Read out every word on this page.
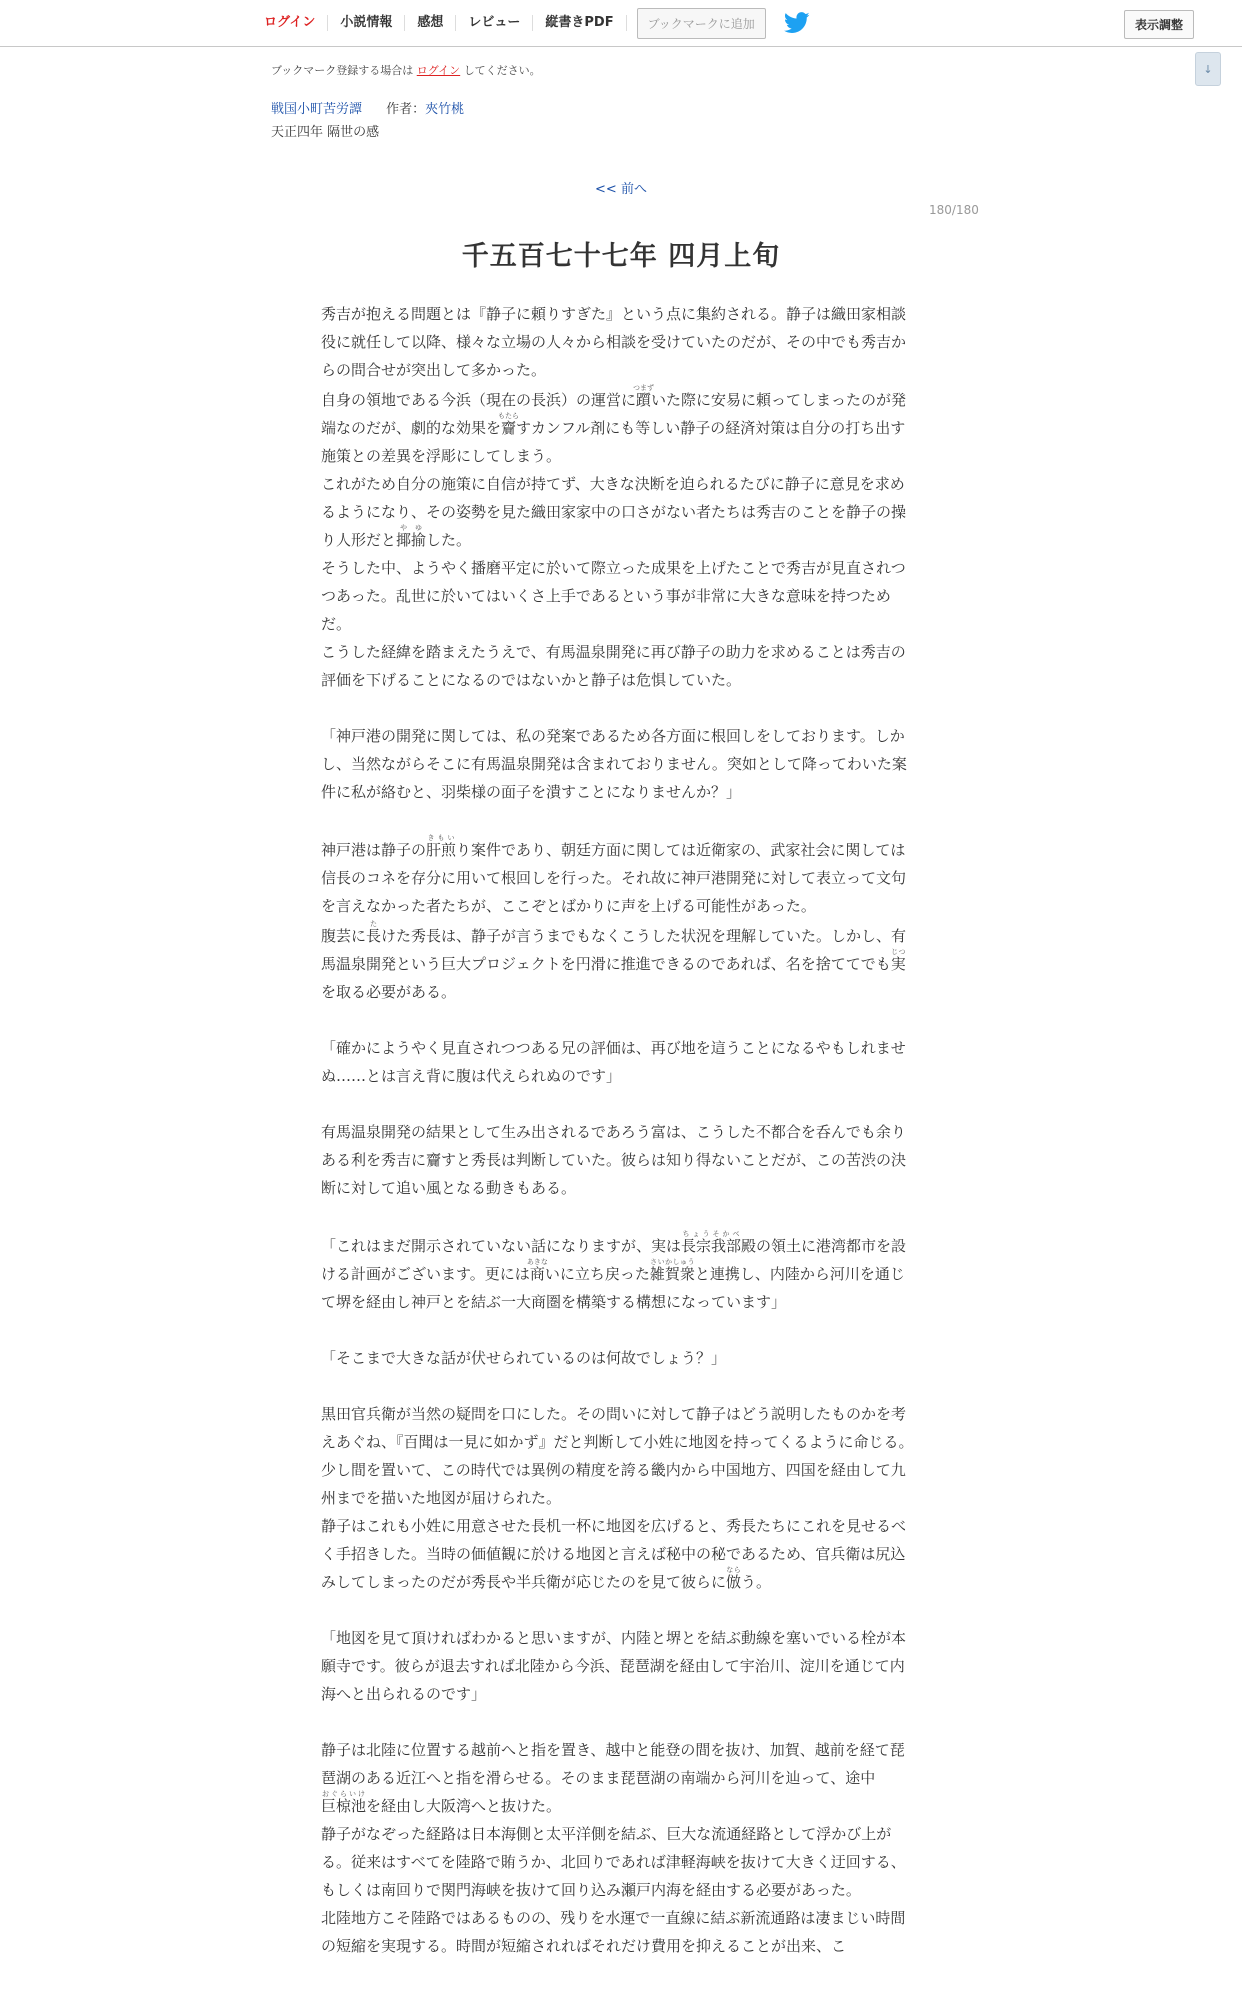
ログイン	小説情報	感想	レビュー	縦書きPDF	ブックマークに追加	表示調整
↓
ブックマーク登録する場合は ログイン してください。
戦国小町苦労譚 作者：夾竹桃
天正四年 隔世の感
<< 前へ
180/180
千五百七十七年 四月上旬

秀吉が抱える問題とは『静子に頼りすぎた』という点に集約される。静子は織田家相談役に就任して以降、様々な立場の人々から相談を受けていたのだが、その中でも秀吉からの問合せが突出して多かった。

自身の領地である今浜（現在の長浜）の運営に躓つまずいた際に安易に頼ってしまったのが発端なのだが、劇的な効果を齎もたらすカンフル剤にも等しい静子の経済対策は自分の打ち出す施策との差異を浮彫にしてしまう。

これがため自分の施策に自信が持てず、大きな決断を迫られるたびに静子に意見を求めるようになり、その姿勢を見た織田家家中の口さがない者たちは秀吉のことを静子の操り人形だと揶揄やゆした。

そうした中、ようやく播磨平定に於いて際立った成果を上げたことで秀吉が見直されつつあった。乱世に於いてはいくさ上手であるという事が非常に大きな意味を持つためだ。

こうした経緯を踏まえたうえで、有馬温泉開発に再び静子の助力を求めることは秀吉の評価を下げることになるのではないかと静子は危惧していた。

「神戸港の開発に関しては、私の発案であるため各方面に根回しをしております。しかし、当然ながらそこに有馬温泉開発は含まれておりません。突如として降ってわいた案件に私が絡むと、羽柴様の面子を潰すことになりませんか？」

神戸港は静子の肝煎きもいり案件であり、朝廷方面に関しては近衛家の、武家社会に関しては信長のコネを存分に用いて根回しを行った。それ故に神戸港開発に対して表立って文句を言えなかった者たちが、ここぞとばかりに声を上げる可能性があった。

腹芸に長たけた秀長は、静子が言うまでもなくこうした状況を理解していた。しかし、有馬温泉開発という巨大プロジェクトを円滑に推進できるのであれば、名を捨ててでも実じつを取る必要がある。

「確かにようやく見直されつつある兄の評価は、再び地を這うことになるやもしれませぬ……とは言え背に腹は代えられぬのです」

有馬温泉開発の結果として生み出されるであろう富は、こうした不都合を呑んでも余りある利を秀吉に齎すと秀長は判断していた。彼らは知り得ないことだが、この苦渋の決断に対して追い風となる動きもある。

「これはまだ開示されていない話になりますが、実は長宗我部ちょうそかべ殿の領土に港湾都市を設ける計画がございます。更には商あきないに立ち戻った雑賀衆さいかしゅうと連携し、内陸から河川を通じて堺を経由し神戸とを結ぶ一大商圏を構築する構想になっています」

「そこまで大きな話が伏せられているのは何故でしょう？」

黒田官兵衛が当然の疑問を口にした。その問いに対して静子はどう説明したものかを考えあぐね、『百聞は一見に如かず』だと判断して小姓に地図を持ってくるように命じる。少し間を置いて、この時代では異例の精度を誇る畿内から中国地方、四国を経由して九州までを描いた地図が届けられた。

静子はこれも小姓に用意させた長机一杯に地図を広げると、秀長たちにこれを見せるべく手招きした。当時の価値観に於ける地図と言えば秘中の秘であるため、官兵衛は尻込みしてしまったのだが秀長や半兵衛が応じたのを見て彼らに倣ならう。

「地図を見て頂ければわかると思いますが、内陸と堺とを結ぶ動線を塞いでいる栓が本願寺です。彼らが退去すれば北陸から今浜、琵琶湖を経由して宇治川、淀川を通じて内海へと出られるのです」

静子は北陸に位置する越前へと指を置き、越中と能登の間を抜け、加賀、越前を経て琵琶湖のある近江へと指を滑らせる。そのまま琵琶湖の南端から河川を辿って、途中巨椋池おぐらいけを経由し大阪湾へと抜けた。

静子がなぞった経路は日本海側と太平洋側を結ぶ、巨大な流通経路として浮かび上がる。従来はすべてを陸路で賄うか、北回りであれば津軽海峡を抜けて大きく迂回する、もしくは南回りで関門海峡を抜けて回り込み瀬戸内海を経由する必要があった。

北陸地方こそ陸路ではあるものの、残りを水運で一直線に結ぶ新流通路は凄まじい時間の短縮を実現する。時間が短縮されればそれだけ費用を抑えることが出来、こ
